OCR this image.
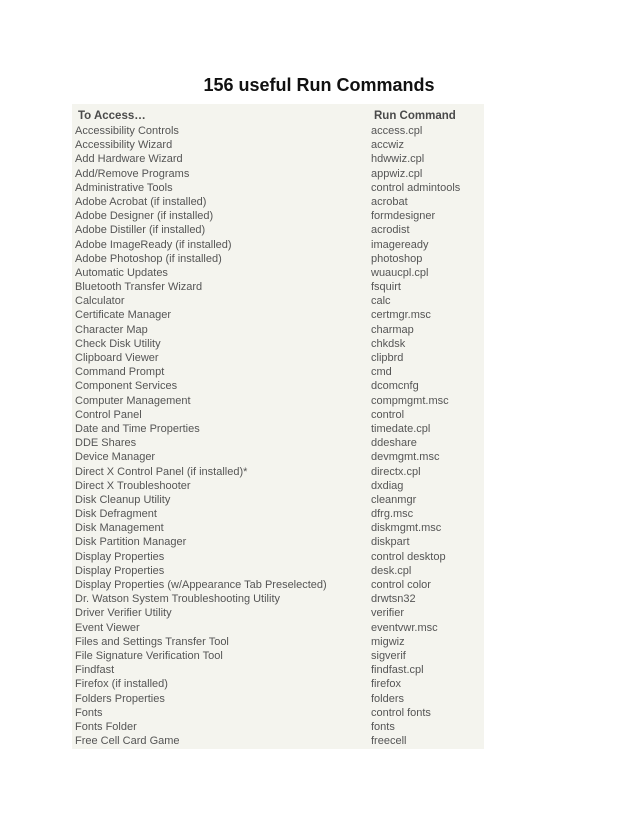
156 useful Run Commands
To Access…	Run Command
Accessibility Controls	access.cpl
Accessibility Wizard	accwiz
Add Hardware Wizard	hdwwiz.cpl
Add/Remove Programs	appwiz.cpl
Administrative Tools	control admintools
Adobe Acrobat (if installed)	acrobat
Adobe Designer (if installed)	formdesigner
Adobe Distiller (if installed)	acrodist
Adobe ImageReady (if installed)	imageready
Adobe Photoshop (if installed)	photoshop
Automatic Updates	wuaucpl.cpl
Bluetooth Transfer Wizard	fsquirt
Calculator	calc
Certificate Manager	certmgr.msc
Character Map	charmap
Check Disk Utility	chkdsk
Clipboard Viewer	clipbrd
Command Prompt	cmd
Component Services	dcomcnfg
Computer Management	compmgmt.msc
Control Panel	control
Date and Time Properties	timedate.cpl
DDE Shares	ddeshare
Device Manager	devmgmt.msc
Direct X Control Panel (if installed)*	directx.cpl
Direct X Troubleshooter	dxdiag
Disk Cleanup Utility	cleanmgr
Disk Defragment	dfrg.msc
Disk Management	diskmgmt.msc
Disk Partition Manager	diskpart
Display Properties	control desktop
Display Properties	desk.cpl
Display Properties (w/Appearance Tab Preselected)	control color
Dr. Watson System Troubleshooting Utility	drwtsn32
Driver Verifier Utility	verifier
Event Viewer	eventvwr.msc
Files and Settings Transfer Tool	migwiz
File Signature Verification Tool	sigverif
Findfast	findfast.cpl
Firefox (if installed)	firefox
Folders Properties	folders
Fonts	control fonts
Fonts Folder	fonts
Free Cell Card Game	freecell
